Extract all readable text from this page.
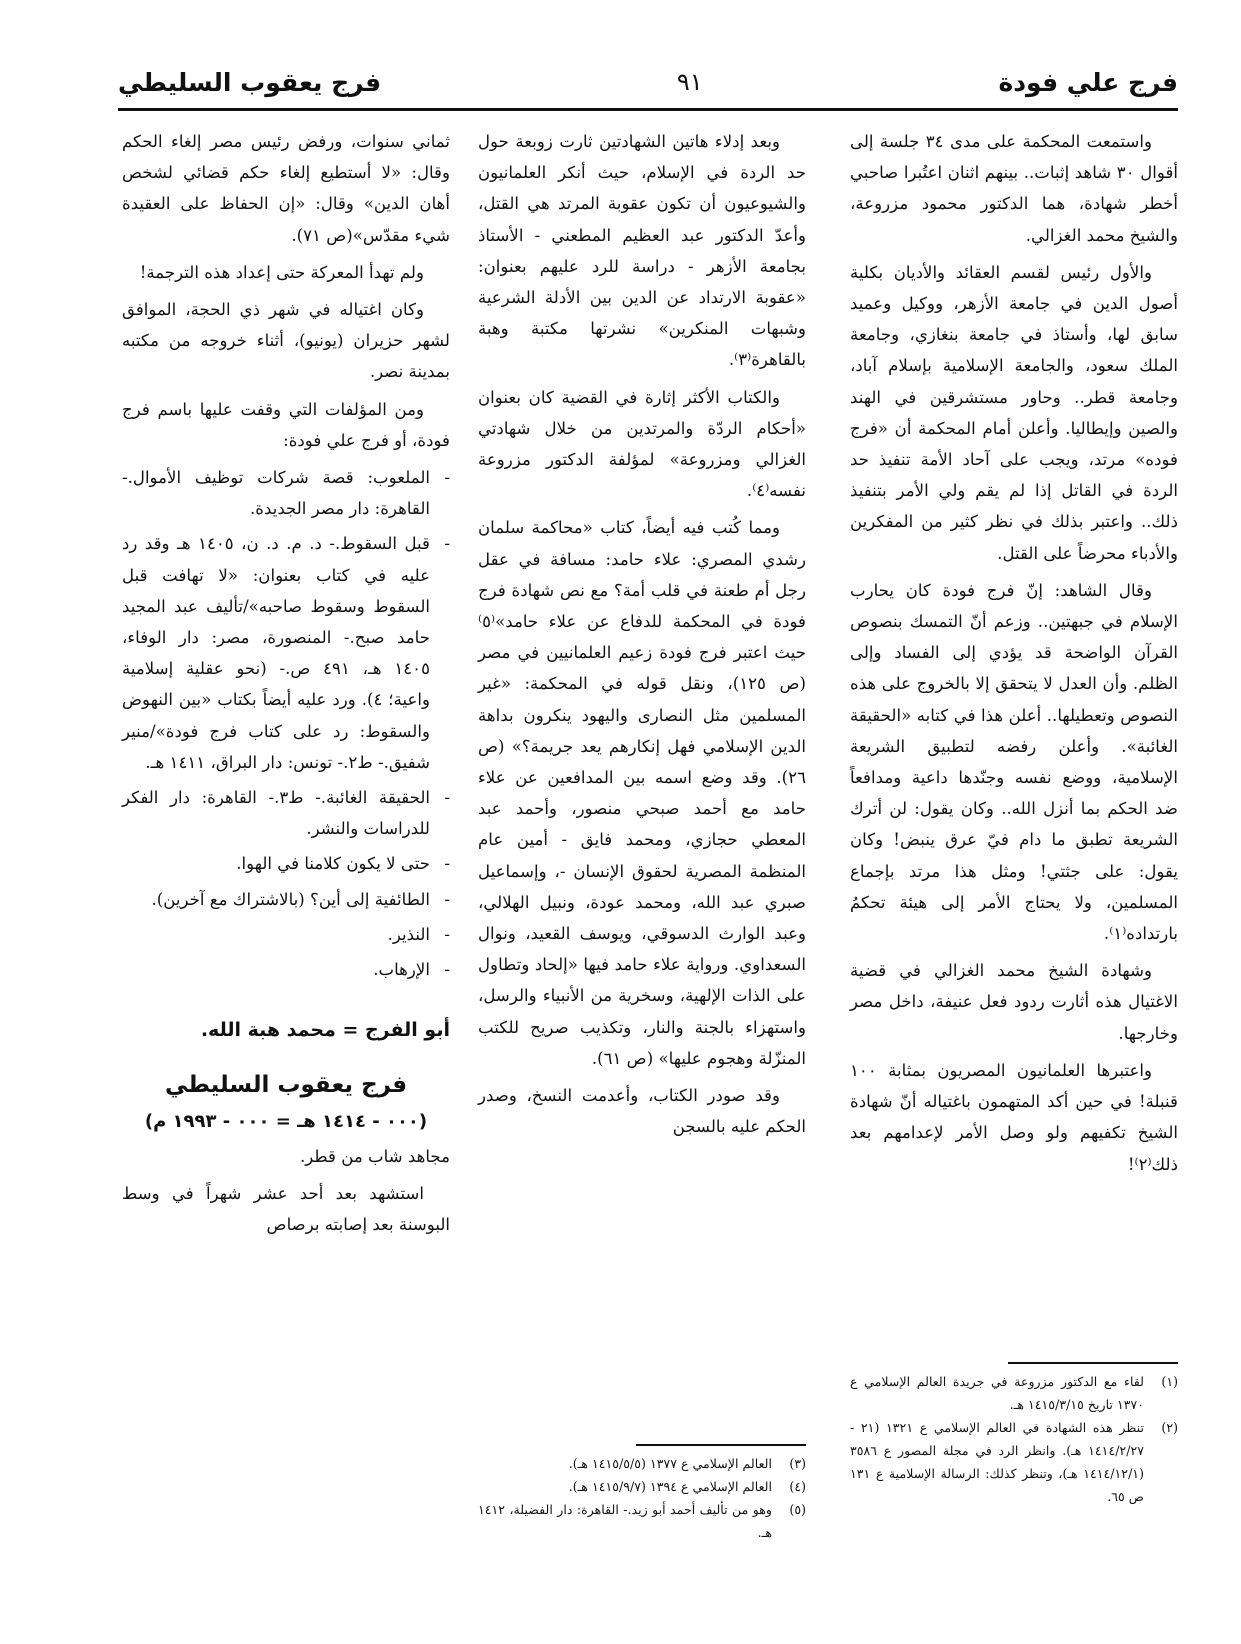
فرج علي فودة
٩١
فرج يعقوب السليطي

واستمعت المحكمة على مدى ٣٤ جلسة إلى أقوال ٣٠ شاهد إثبات.. بينهم اثنان اعتُبرا صاحبي أخطر شهادة، هما الدكتور محمود مزروعة، والشيخ محمد الغزالي.

والأول رئيس لقسم العقائد والأديان بكلية أصول الدين في جامعة الأزهر، ووكيل وعميد سابق لها، وأستاذ في جامعة بنغازي، وجامعة الملك سعود، والجامعة الإسلامية بإسلام آباد، وجامعة قطر.. وحاور مستشرقين في الهند والصين وإيطاليا. وأعلن أمام المحكمة أن «فرج فوده» مرتد، ويجب على آحاد الأمة تنفيذ حد الردة في القاتل إذا لم يقم ولي الأمر بتنفيذ ذلك.. واعتبر بذلك في نظر كثير من المفكرين والأدباء محرضاً على القتل.

وقال الشاهد: إنّ فرج فودة كان يحارب الإسلام في جبهتين.. وزعم أنّ التمسك بنصوص القرآن الواضحة قد يؤدي إلى الفساد وإلى الظلم. وأن العدل لا يتحقق إلا بالخروج على هذه النصوص وتعطيلها.. أعلن هذا في كتابه «الحقيقة الغائبة». وأعلن رفضه لتطبيق الشريعة الإسلامية، ووضع نفسه وجنّدها داعية ومدافعاً ضد الحكم بما أنزل الله.. وكان يقول: لن أترك الشريعة تطبق ما دام فيّ عرق ينبض! وكان يقول: على جثتي! ومثل هذا مرتد بإجماع المسلمين، ولا يحتاج الأمر إلى هيئة تحكمُ بارتداده⁽١⁾.

وشهادة الشيخ محمد الغزالي في قضية الاغتيال هذه أثارت ردود فعل عنيفة، داخل مصر وخارجها.

واعتبرها العلمانيون المصريون بمثابة ١٠٠ قنبلة! في حين أكد المتهمون باغتياله أنّ شهادة الشيخ تكفيهم ولو وصل الأمر لإعدامهم بعد ذلك⁽٢⁾!

(١)
لقاء مع الدكتور مزروعة في جريدة العالم الإسلامي ع ١٣٧٠ تاريخ ١٤١٥/٣/١٥ هـ.
(٢)
تنظر هذه الشهادة في العالم الإسلامي ع ١٣٢١ (٢١ - ١٤١٤/٢/٢٧ هـ). وانظر الرد في مجلة المصور ع ٣٥٨٦ (١٤١٤/١٢/١ هـ)، وتنظر كذلك: الرسالة الإسلامية ع ١٣١ ص ٦٥.

وبعد إدلاء هاتين الشهادتين ثارت زوبعة حول حد الردة في الإسلام، حيث أنكر العلمانيون والشيوعيون أن تكون عقوبة المرتد هي القتل، وأعدّ الدكتور عبد العظيم المطعني - الأستاذ بجامعة الأزهر - دراسة للرد عليهم بعنوان: «عقوبة الارتداد عن الدين بين الأدلة الشرعية وشبهات المنكرين» نشرتها مكتبة وهبة بالقاهرة⁽٣⁾.

والكتاب الأكثر إثارة في القضية كان بعنوان «أحكام الردّة والمرتدين من خلال شهادتي الغزالي ومزروعة» لمؤلفة الدكتور مزروعة نفسه⁽٤⁾.

ومما كُتب فيه أيضاً، كتاب «محاكمة سلمان رشدي المصري: علاء حامد: مسافة في عقل رجل أم طعنة في قلب أمة؟ مع نص شهادة فرج فودة في المحكمة للدفاع عن علاء حامد»⁽٥⁾ حيث اعتبر فرج فودة زعيم العلمانيين في مصر (ص ١٢٥)، ونقل قوله في المحكمة: «غير المسلمين مثل النصارى واليهود ينكرون بداهة الدين الإسلامي فهل إنكارهم يعد جريمة؟» (ص ٢٦). وقد وضع اسمه بين المدافعين عن علاء حامد مع أحمد صبحي منصور، وأحمد عبد المعطي حجازي، ومحمد فايق - أمين عام المنظمة المصرية لحقوق الإنسان -، وإسماعيل صبري عبد الله، ومحمد عودة، ونبيل الهلالي، وعبد الوارث الدسوقي، ويوسف القعيد، ونوال السعداوي. ورواية علاء حامد فيها «إلحاد وتطاول على الذات الإلهية، وسخرية من الأنبياء والرسل، واستهزاء بالجنة والنار، وتكذيب صريح للكتب المنزّلة وهجوم عليها» (ص ٦١).

وقد صودر الكتاب، وأعدمت النسخ، وصدر الحكم عليه بالسجن

(٣)
العالم الإسلامي ع ١٣٧٧ (١٤١٥/٥/٥ هـ).
(٤)
العالم الإسلامي ع ١٣٩٤ (١٤١٥/٩/٧ هـ).
(٥)
وهو من تأليف أحمد أبو زيد.- القاهرة: دار الفضيلة، ١٤١٢ هـ.

ثماني سنوات، ورفض رئيس مصر إلغاء الحكم وقال: «لا أستطيع إلغاء حكم قضائي لشخص أهان الدين» وقال: «إن الحفاظ على العقيدة شيء مقدّس»(ص ٧١).

ولم تهدأ المعركة حتى إعداد هذه الترجمة!

وكان اغتياله في شهر ذي الحجة، الموافق لشهر حزيران (يونيو)، أثناء خروجه من مكتبه بمدينة نصر.

ومن المؤلفات التي وقفت عليها باسم فرج فودة، أو فرج علي فودة:

- الملعوب: قصة شركات توظيف الأموال.- القاهرة: دار مصر الجديدة.
- قبل السقوط.- د. م. د. ن، ١٤٠٥ هـ وقد رد عليه في كتاب بعنوان: «لا تهافت قبل السقوط وسقوط صاحبه»/تأليف عبد المجيد حامد صبح.- المنصورة، مصر: دار الوفاء، ١٤٠٥ هـ، ٤٩١ ص.- (نحو عقلية إسلامية واعية؛ ٤). ورد عليه أيضاً بكتاب «بين النهوض والسقوط: رد على كتاب فرج فودة»/منير شفيق.- ط٢.- تونس: دار البراق، ١٤١١ هـ.
- الحقيقة الغائبة.- ط٣.- القاهرة: دار الفكر للدراسات والنشر.
- حتى لا يكون كلامنا في الهوا.
- الطائفية إلى أين؟ (بالاشتراك مع آخرين).
- النذير.
- الإرهاب.
أبو الفرج = محمد هبة الله.
فرج يعقوب السليطي
(٠٠٠ - ١٤١٤ هـ = ٠٠٠ - ١٩٩٣ م)

مجاهد شاب من قطر.

استشهد بعد أحد عشر شهراً في وسط البوسنة بعد إصابته برصاص
